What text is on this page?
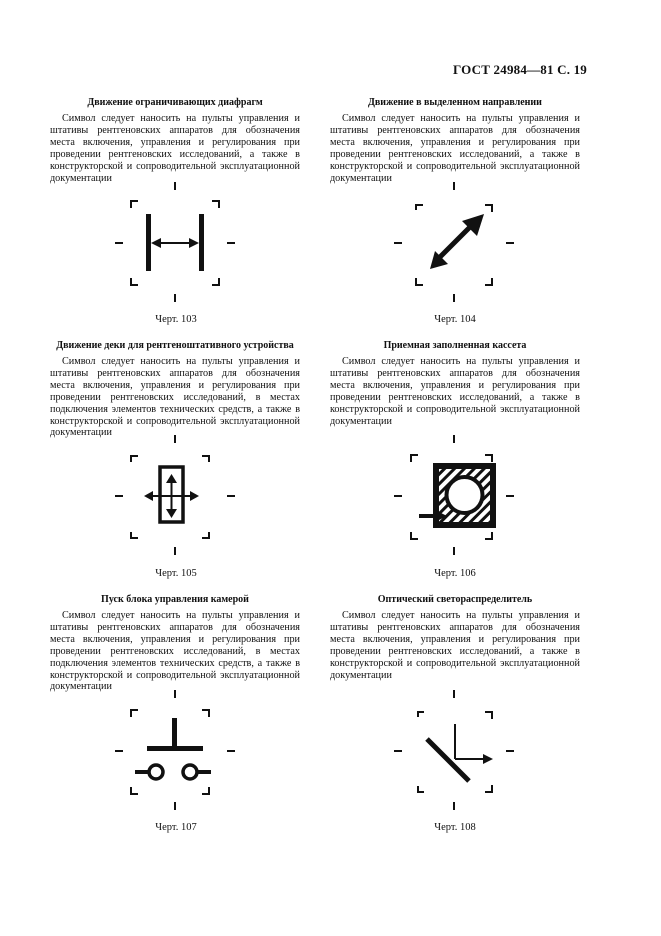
ГОСТ 24984—81 С. 19

Движение ограничивающих диафрагм

Символ следует наносить на пульты управления и штативы рентгеновских аппаратов для обозначения места включения, управления и регулирования при проведении рентгеновских исследований, а также в конструкторской и сопроводительной эксплуатационной документации

Черт. 103

Движение в выделенном направлении

Символ следует наносить на пульты управления и штативы рентгеновских аппаратов для обозначения места включения, управления и регулирования при проведении рентгеновских исследований, а также в конструкторской и сопроводительной эксплуатационной документации

Черт. 104

Движение деки для рентгеноштативного устройства

Символ следует наносить на пульты управления и штативы рентгеновских аппаратов для обозначения места включения, управления и регулирования при проведении рентгеновских исследований, в местах подключения элементов технических средств, а также в конструкторской и сопроводительной эксплуатационной документации

Черт. 105

Приемная заполненная кассета

Символ следует наносить на пульты управления и штативы рентгеновских аппаратов для обозначения места включения, управления и регулирования при проведении рентгеновских исследований, а также в конструкторской и сопроводительной эксплуатационной документации

Черт. 106

Пуск блока управления камерой

Символ следует наносить на пульты управления и штативы рентгеновских аппаратов для обозначения места включения, управления и регулирования при проведении рентгеновских исследований, в местах подключения элементов технических средств, а также в конструкторской и сопроводительной эксплуатационной документации

Черт. 107

Оптический светораспределитель

Символ следует наносить на пульты управления и штативы рентгеновских аппаратов для обозначения места включения, управления и регулирования при проведении рентгеновских исследований, а также в конструкторской и сопроводительной эксплуатационной документации

Черт. 108
